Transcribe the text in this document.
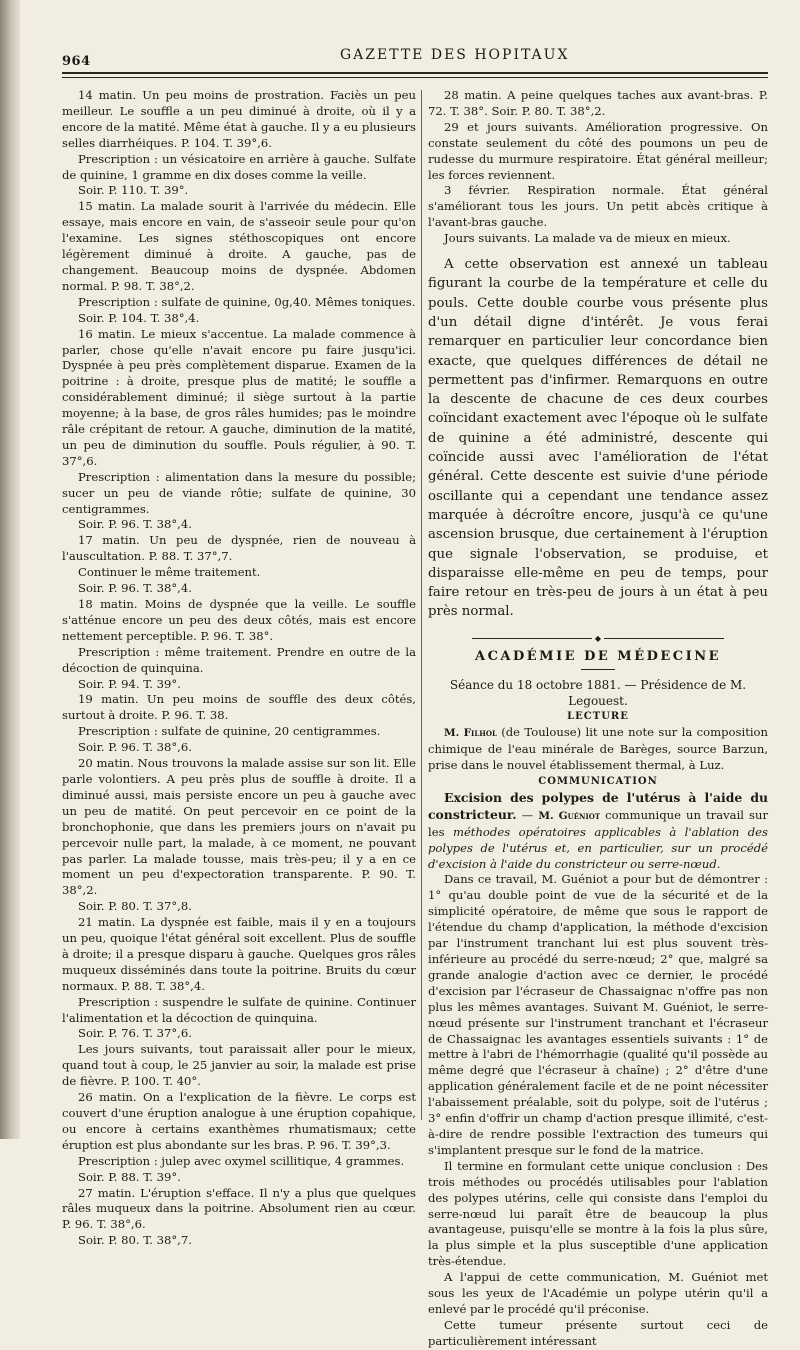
964	GAZETTE DES HOPITAUX

14 matin. Un peu moins de prostration. Faciès un peu meilleur. Le souffle a un peu diminué à droite, où il y a encore de la matité. Même état à gauche. Il y a eu plusieurs selles diarrhéiques. P. 104. T. 39°,6.

Prescription : un vésicatoire en arrière à gauche. Sulfate de quinine, 1 gramme en dix doses comme la veille.

Soir. P. 110. T. 39°.

15 matin. La malade sourit à l'arrivée du médecin. Elle essaye, mais encore en vain, de s'asseoir seule pour qu'on l'examine. Les signes stéthoscopiques ont encore légèrement diminué à droite. A gauche, pas de changement. Beaucoup moins de dyspnée. Abdomen normal. P. 98. T. 38°,2.

Prescription : sulfate de quinine, 0g,40. Mêmes toniques.

Soir. P. 104. T. 38°,4.

16 matin. Le mieux s'accentue. La malade commence à parler, chose qu'elle n'avait encore pu faire jusqu'ici. Dyspnée à peu près complètement disparue. Examen de la poitrine : à droite, presque plus de matité; le souffle a considérablement diminué; il siège surtout à la partie moyenne; à la base, de gros râles humides; pas le moindre râle crépitant de retour. A gauche, diminution de la matité, un peu de diminution du souffle. Pouls régulier, à 90. T. 37°,6.

Prescription : alimentation dans la mesure du possible; sucer un peu de viande rôtie; sulfate de quinine, 30 centigrammes.

Soir. P. 96. T. 38°,4.

17 matin. Un peu de dyspnée, rien de nouveau à l'auscultation. P. 88. T. 37°,7.

Continuer le même traitement.

Soir. P. 96. T. 38°,4.

18 matin. Moins de dyspnée que la veille. Le souffle s'atténue encore un peu des deux côtés, mais est encore nettement perceptible. P. 96. T. 38°.

Prescription : même traitement. Prendre en outre de la décoction de quinquina.

Soir. P. 94. T. 39°.

19 matin. Un peu moins de souffle des deux côtés, surtout à droite. P. 96. T. 38.

Prescription : sulfate de quinine, 20 centigrammes.

Soir. P. 96. T. 38°,6.

20 matin. Nous trouvons la malade assise sur son lit. Elle parle volontiers. A peu près plus de souffle à droite. Il a diminué aussi, mais persiste encore un peu à gauche avec un peu de matité. On peut percevoir en ce point de la bronchophonie, que dans les premiers jours on n'avait pu percevoir nulle part, la malade, à ce moment, ne pouvant pas parler. La malade tousse, mais très-peu; il y a en ce moment un peu d'expectoration transparente. P. 90. T. 38°,2.

Soir. P. 80. T. 37°,8.

21 matin. La dyspnée est faible, mais il y en a toujours un peu, quoique l'état général soit excellent. Plus de souffle à droite; il a presque disparu à gauche. Quelques gros râles muqueux disséminés dans toute la poitrine. Bruits du cœur normaux. P. 88. T. 38°,4.

Prescription : suspendre le sulfate de quinine. Continuer l'alimentation et la décoction de quinquina.

Soir. P. 76. T. 37°,6.

Les jours suivants, tout paraissait aller pour le mieux, quand tout à coup, le 25 janvier au soir, la malade est prise de fièvre. P. 100. T. 40°.

26 matin. On a l'explication de la fièvre. Le corps est couvert d'une éruption analogue à une éruption copahique, ou encore à certains exanthèmes rhumatismaux; cette éruption est plus abondante sur les bras. P. 96. T. 39°,3.

Prescription : julep avec oxymel scillitique, 4 grammes.

Soir. P. 88. T. 39°.

27 matin. L'éruption s'efface. Il n'y a plus que quelques râles muqueux dans la poitrine. Absolument rien au cœur. P. 96. T. 38°,6.

Soir. P. 80. T. 38°,7.

28 matin. A peine quelques taches aux avant-bras. P. 72. T. 38°. Soir. P. 80. T. 38°,2.

29 et jours suivants. Amélioration progressive. On constate seulement du côté des poumons un peu de rudesse du murmure respiratoire. État général meilleur; les forces reviennent.

3 février. Respiration normale. État général s'améliorant tous les jours. Un petit abcès critique à l'avant-bras gauche.

Jours suivants. La malade va de mieux en mieux.

A cette observation est annexé un tableau figurant la courbe de la température et celle du pouls. Cette double courbe vous présente plus d'un détail digne d'intérêt. Je vous ferai remarquer en particulier leur concordance bien exacte, que quelques différences de détail ne permettent pas d'infirmer. Remarquons en outre la descente de chacune de ces deux courbes coïncidant exactement avec l'époque où le sulfate de quinine a été administré, descente qui coïncide aussi avec l'amélioration de l'état général. Cette descente est suivie d'une période oscillante qui a cependant une tendance assez marquée à décroître encore, jusqu'à ce qu'une ascension brusque, due certainement à l'éruption que signale l'observation, se produise, et disparaisse elle-même en peu de temps, pour faire retour en très-peu de jours à un état à peu près normal.

◆
ACADÉMIE DE MÉDECINE

Séance du 18 octobre 1881. — Présidence de M. Legouest.

LECTURE

M. Filhol (de Toulouse) lit une note sur la composition chimique de l'eau minérale de Barèges, source Barzun, prise dans le nouvel établissement thermal, à Luz.

COMMUNICATION

Excision des polypes de l'utérus à l'aide du constricteur. — M. Guéniot communique un travail sur les méthodes opératoires applicables à l'ablation des polypes de l'utérus et, en particulier, sur un procédé d'excision à l'aide du constricteur ou serre-nœud.

Dans ce travail, M. Guéniot a pour but de démontrer : 1° qu'au double point de vue de la sécurité et de la simplicité opératoire, de même que sous le rapport de l'étendue du champ d'application, la méthode d'excision par l'instrument tranchant lui est plus souvent très-inférieure au procédé du serre-nœud; 2° que, malgré sa grande analogie d'action avec ce dernier, le procédé d'excision par l'écraseur de Chassaignac n'offre pas non plus les mêmes avantages. Suivant M. Guéniot, le serre-nœud présente sur l'instrument tranchant et l'écraseur de Chassaignac les avantages essentiels suivants : 1° de mettre à l'abri de l'hémorrhagie (qualité qu'il possède au même degré que l'écraseur à chaîne) ; 2° d'être d'une application généralement facile et de ne point nécessiter l'abaissement préalable, soit du polype, soit de l'utérus ; 3° enfin d'offrir un champ d'action presque illimité, c'est-à-dire de rendre possible l'extraction des tumeurs qui s'implantent presque sur le fond de la matrice.

Il termine en formulant cette unique conclusion : Des trois méthodes ou procédés utilisables pour l'ablation des polypes utérins, celle qui consiste dans l'emploi du serre-nœud lui paraît être de beaucoup la plus avantageuse, puisqu'elle se montre à la fois la plus sûre, la plus simple et la plus susceptible d'une application très-étendue.

A l'appui de cette communication, M. Guéniot met sous les yeux de l'Académie un polype utérin qu'il a enlevé par le procédé qu'il préconise.

Cette tumeur présente surtout ceci de particulièrement intéressant
